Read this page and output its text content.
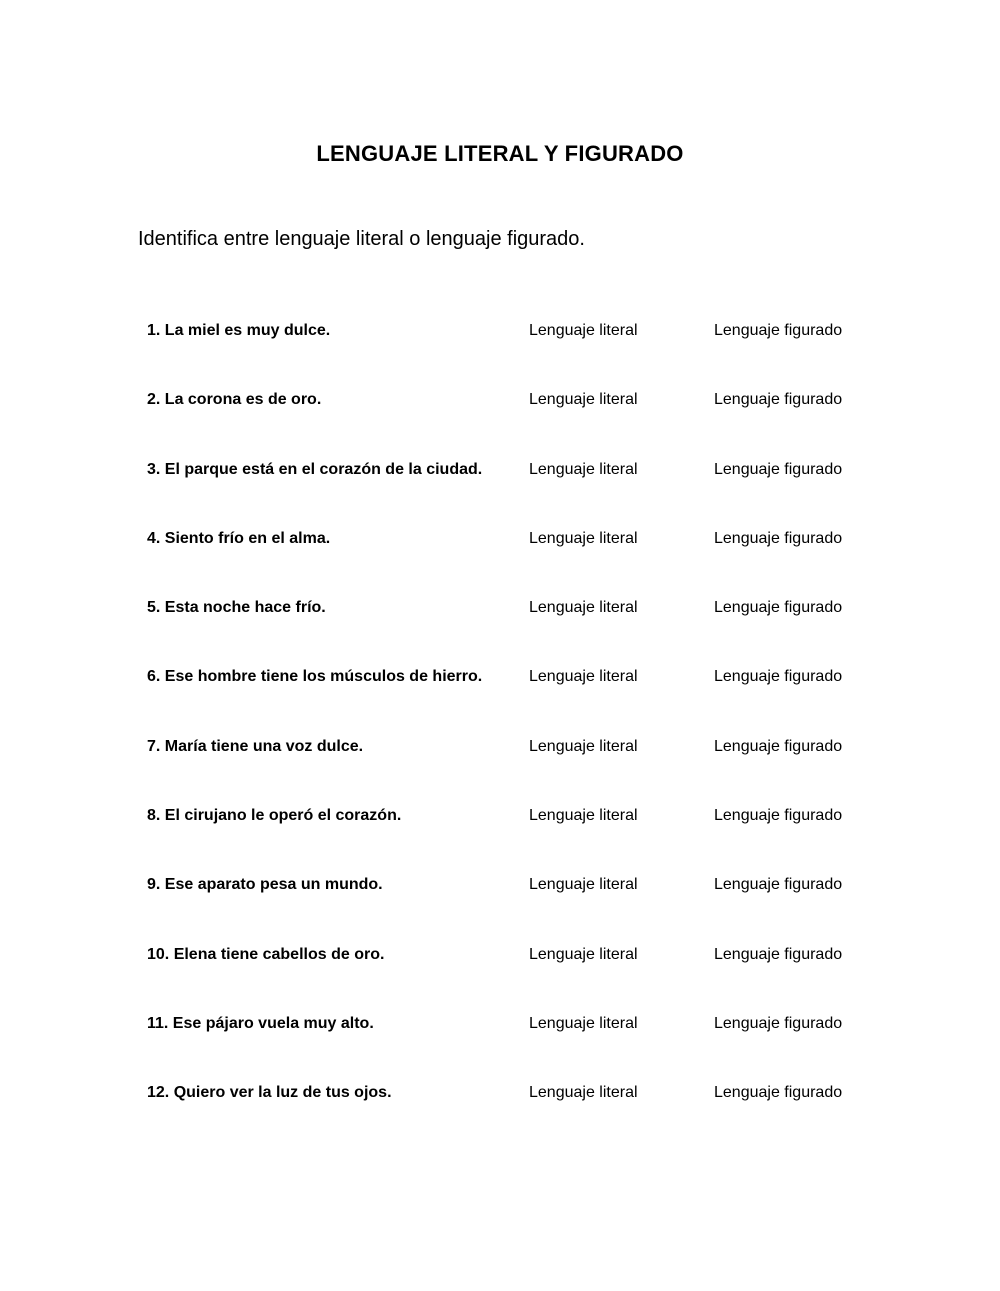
LENGUAJE LITERAL Y FIGURADO

Identifica entre lenguaje literal o lenguaje figurado.

1. La miel es muy dulce.	Lenguaje literal	Lenguaje figurado
2. La corona es de oro.	Lenguaje literal	Lenguaje figurado
3. El parque está en el corazón de la ciudad.	Lenguaje literal	Lenguaje figurado
4. Siento frío en el alma.	Lenguaje literal	Lenguaje figurado
5. Esta noche hace frío.	Lenguaje literal	Lenguaje figurado
6. Ese hombre tiene los músculos de hierro.	Lenguaje literal	Lenguaje figurado
7. María tiene una voz dulce.	Lenguaje literal	Lenguaje figurado
8. El cirujano le operó el corazón.	Lenguaje literal	Lenguaje figurado
9. Ese aparato pesa un mundo.	Lenguaje literal	Lenguaje figurado
10. Elena tiene cabellos de oro.	Lenguaje literal	Lenguaje figurado
11. Ese pájaro vuela muy alto.	Lenguaje literal	Lenguaje figurado
12. Quiero ver la luz de tus ojos.	Lenguaje literal	Lenguaje figurado
